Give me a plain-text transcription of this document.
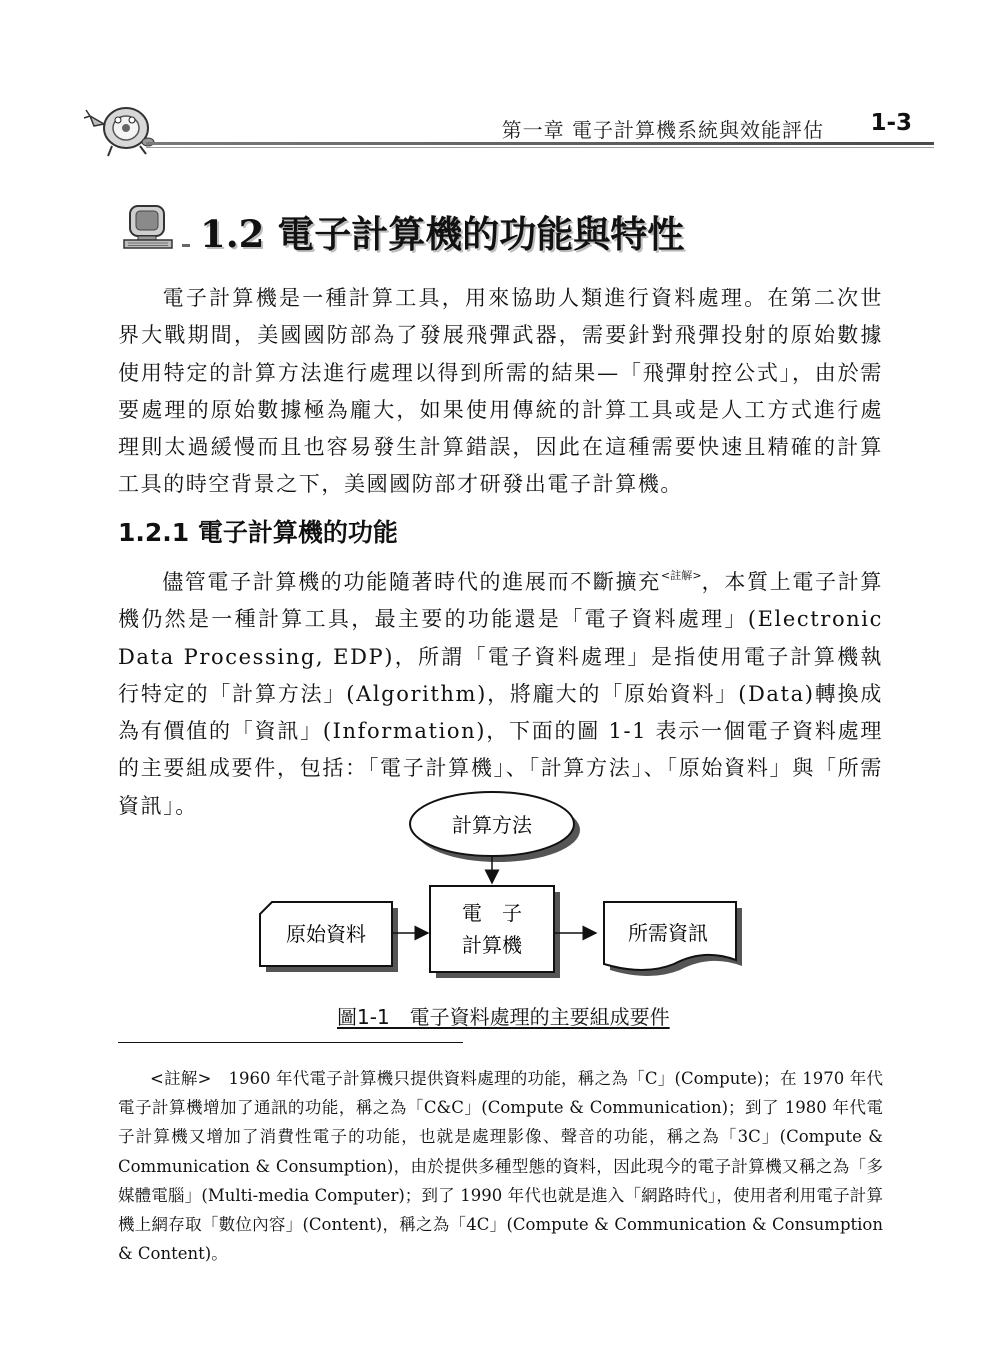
第一章 電子計算機系統與效能評估 1-3
1.2 電子計算機的功能與特性

電子計算機是一種計算工具，用來協助人類進行資料處理。在第二次世界大戰期間，美國國防部為了發展飛彈武器，需要針對飛彈投射的原始數據使用特定的計算方法進行處理以得到所需的結果—「飛彈射控公式」，由於需要處理的原始數據極為龐大，如果使用傳統的計算工具或是人工方式進行處理則太過緩慢而且也容易發生計算錯誤，因此在這種需要快速且精確的計算工具的時空背景之下，美國國防部才研發出電子計算機。

1.2.1 電子計算機的功能

儘管電子計算機的功能隨著時代的進展而不斷擴充$^{<註解>}$，本質上電子計算機仍然是一種計算工具，最主要的功能還是「電子資料處理」(Electronic Data Processing, EDP)，所謂「電子資料處理」是指使用電子計算機執行特定的「計算方法」(Algorithm)，將龐大的「原始資料」(Data)轉換成為有價值的「資訊」(Information)，下面的圖 1-1 表示一個電子資料處理的主要組成要件，包括：「電子計算機」、「計算方法」、「原始資料」與「所需資訊」。

計算方法
原始資料
電　子
計算機	所需資訊
圖1-1　電子資料處理的主要組成要件

<註解>　 1960 年代電子計算機只提供資料處理的功能，稱之為「C」(Compute)；在 1970 年代電子計算機增加了通訊的功能，稱之為「C&C」(Compute & Communication)；到了 1980 年代電子計算機又增加了消費性電子的功能，也就是處理影像、聲音的功能，稱之為「3C」(Compute & Communication & Consumption)，由於提供多種型態的資料，因此現今的電子計算機又稱之為「多媒體電腦」(Multi-media Computer)；到了 1990 年代也就是進入「網路時代」，使用者利用電子計算機上網存取「數位內容」(Content)，稱之為「4C」(Compute & Communication & Consumption & Content)。
